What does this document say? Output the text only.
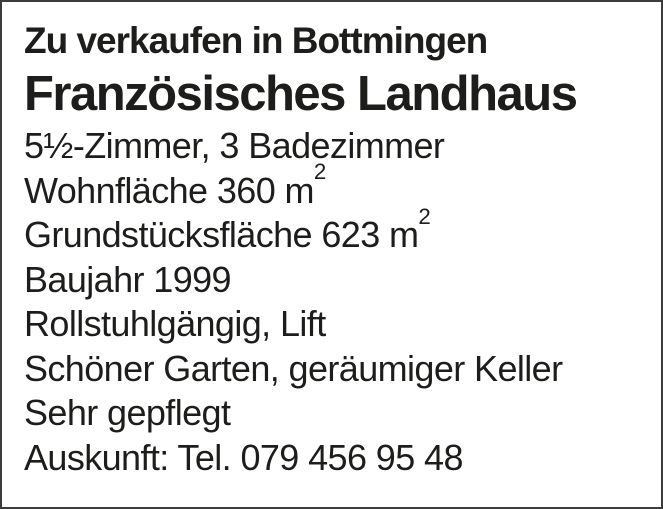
Zu verkaufen in Bottmingen
Französisches Landhaus
5½-Zimmer, 3 Badezimmer
Wohnfläche 360 $m^2$
Grundstücksfläche 623 $m^2$
Baujahr 1999
Rollstuhlgängig, Lift
Schöner Garten, geräumiger Keller
Sehr gepflegt
Auskunft: Tel. 079 456 95 48
